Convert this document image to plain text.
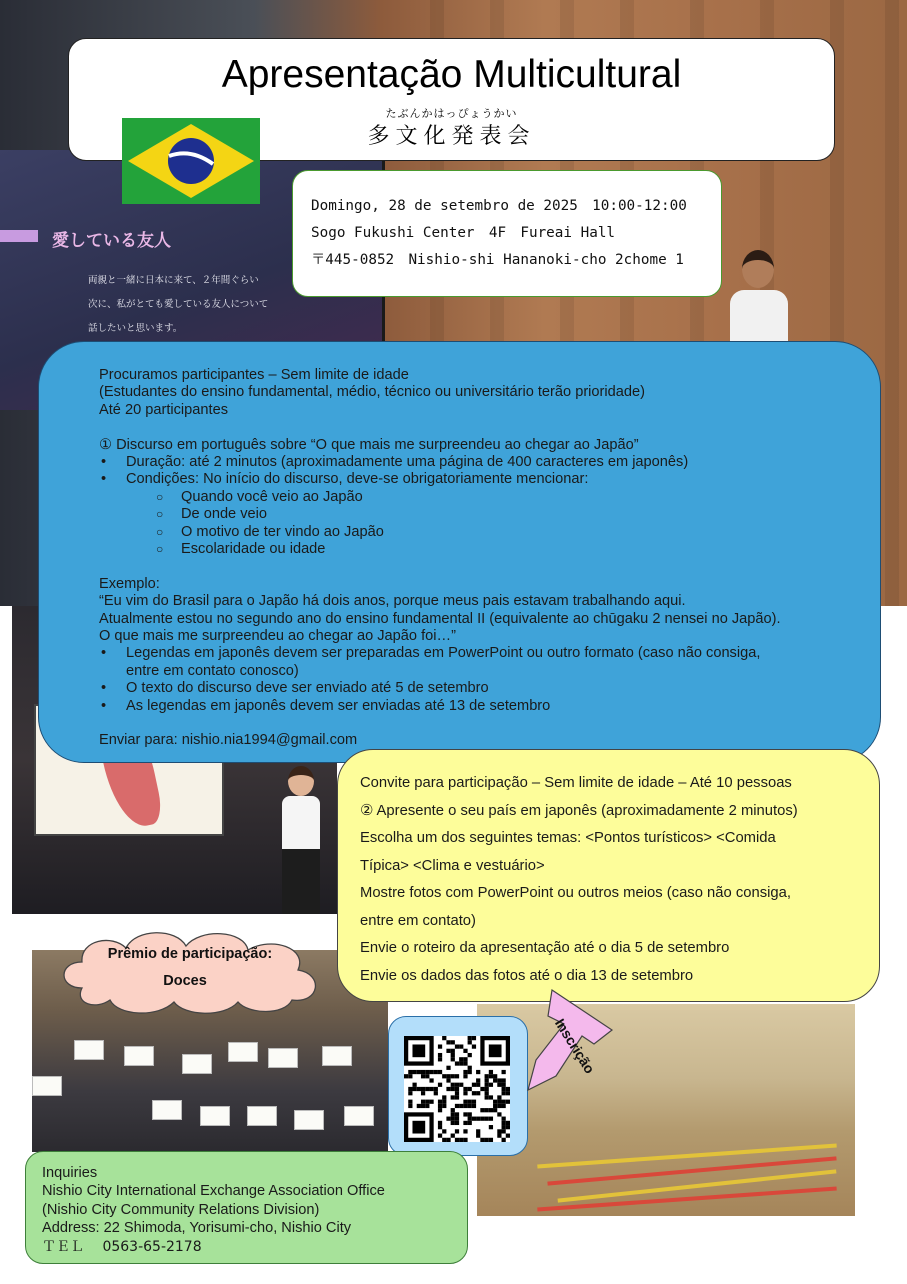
愛している友人
両親と一緒に日本に来て、２年間ぐらい
次に、私がとても愛している友人について
話したいと思います。
Apresentação Multicultural
たぶんかはっぴょうかい
多文化発表会
Domingo, 28 de setembro de 2025　10:00-12:00
Sogo Fukushi Center　4F　Fureai Hall
〒445-0852　Nishio-shi Hananoki-cho 2chome 1
Procuramos participantes – Sem limite de idade
(Estudantes do ensino fundamental, médio, técnico ou universitário terão prioridade)
Até 20 participantes
① Discurso em português sobre “O que mais me surpreendeu ao chegar ao Japão”
• Duração: até 2 minutos (aproximadamente uma página de 400 caracteres em japonês)
• Condições: No início do discurso, deve-se obrigatoriamente mencionar:
○ Quando você veio ao Japão
○ De onde veio
○ O motivo de ter vindo ao Japão
○ Escolaridade ou idade
Exemplo:
“Eu vim do Brasil para o Japão há dois anos, porque meus pais estavam trabalhando aqui.
Atualmente estou no segundo ano do ensino fundamental II (equivalente ao chūgaku 2 nensei no Japão).
O que mais me surpreendeu ao chegar ao Japão foi…”
• Legendas em japonês devem ser preparadas em PowerPoint ou outro formato (caso não consiga,
entre em contato conosco)
• O texto do discurso deve ser enviado até 5 de setembro
• As legendas em japonês devem ser enviadas até 13 de setembro
Enviar para: nishio.nia1994@gmail.com
Convite para participação – Sem limite de idade – Até 10 pessoas
② Apresente o seu país em japonês (aproximadamente 2 minutos)
Escolha um dos seguintes temas: <Pontos turísticos> <Comida
Típica> <Clima e vestuário>
Mostre fotos com PowerPoint ou outros meios (caso não consiga,
entre em contato)
Envie o roteiro da apresentação até o dia 5 de setembro
Envie os dados das fotos até o dia 13 de setembro
Prêmio de participação:
Doces
Inscrição
Inquiries
Nishio City International Exchange Association Office
(Nishio City Community Relations Division)
Address: 22 Shimoda, Yorisumi-cho, Nishio City
ＴＥＬ　 0563-65-2178
